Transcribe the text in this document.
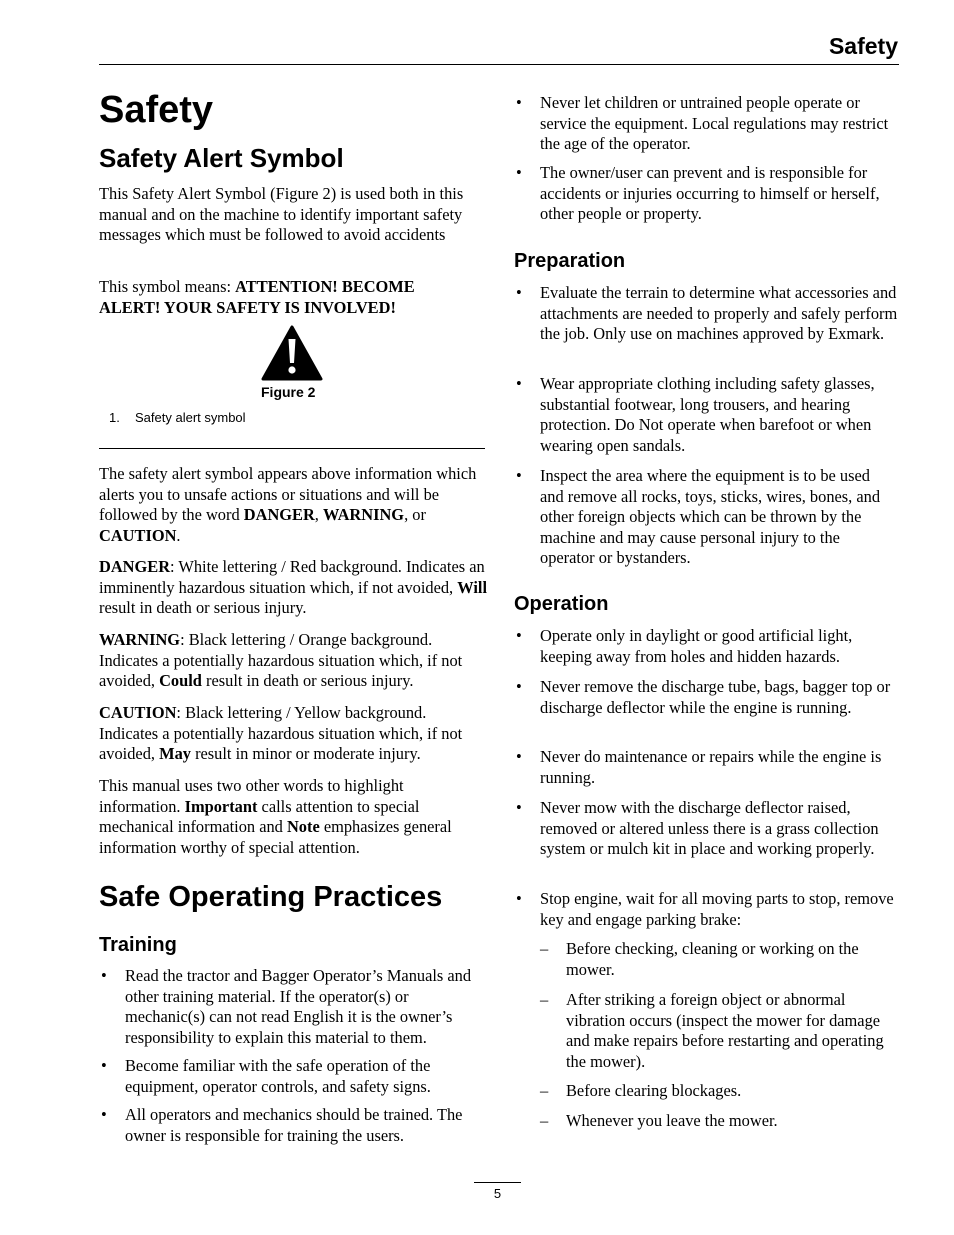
Safety
Safety
Safety Alert Symbol

This Safety Alert Symbol (Figure 2) is used both in this manual and on the machine to identify important safety messages which must be followed to avoid accidents

This symbol means: ATTENTION! BECOME ALERT! YOUR SAFETY IS INVOLVED!

Figure 2

1. Safety alert symbol

The safety alert symbol appears above information which alerts you to unsafe actions or situations and will be followed by the word DANGER, WARNING, or CAUTION.

DANGER: White lettering / Red background. Indicates an imminently hazardous situation which, if not avoided, Will result in death or serious injury.

WARNING: Black lettering / Orange background. Indicates a potentially hazardous situation which, if not avoided, Could result in death or serious injury.

CAUTION: Black lettering / Yellow background. Indicates a potentially hazardous situation which, if not avoided, May result in minor or moderate injury.

This manual uses two other words to highlight information. Important calls attention to special mechanical information and Note emphasizes general information worthy of special attention.

Safe Operating Practices
Training

• Read the tractor and Bagger Operator’s Manuals and other training material. If the operator(s) or mechanic(s) can not read English it is the owner’s responsibility to explain this material to them.

• Become familiar with the safe operation of the equipment, operator controls, and safety signs.

• All operators and mechanics should be trained. The owner is responsible for training the users.

• Never let children or untrained people operate or service the equipment. Local regulations may restrict the age of the operator.

• The owner/user can prevent and is responsible for accidents or injuries occurring to himself or herself, other people or property.

Preparation

• Evaluate the terrain to determine what accessories and attachments are needed to properly and safely perform the job. Only use on machines approved by Exmark.

• Wear appropriate clothing including safety glasses, substantial footwear, long trousers, and hearing protection. Do Not operate when barefoot or when wearing open sandals.

• Inspect the area where the equipment is to be used and remove all rocks, toys, sticks, wires, bones, and other foreign objects which can be thrown by the machine and may cause personal injury to the operator or bystanders.

Operation

• Operate only in daylight or good artificial light, keeping away from holes and hidden hazards.

• Never remove the discharge tube, bags, bagger top or discharge deflector while the engine is running.

• Never do maintenance or repairs while the engine is running.

• Never mow with the discharge deflector raised, removed or altered unless there is a grass collection system or mulch kit in place and working properly.

• Stop engine, wait for all moving parts to stop, remove key and engage parking brake:

– Before checking, cleaning or working on the mower.

– After striking a foreign object or abnormal vibration occurs (inspect the mower for damage and make repairs before restarting and operating the mower).

– Before clearing blockages.

– Whenever you leave the mower.

5
